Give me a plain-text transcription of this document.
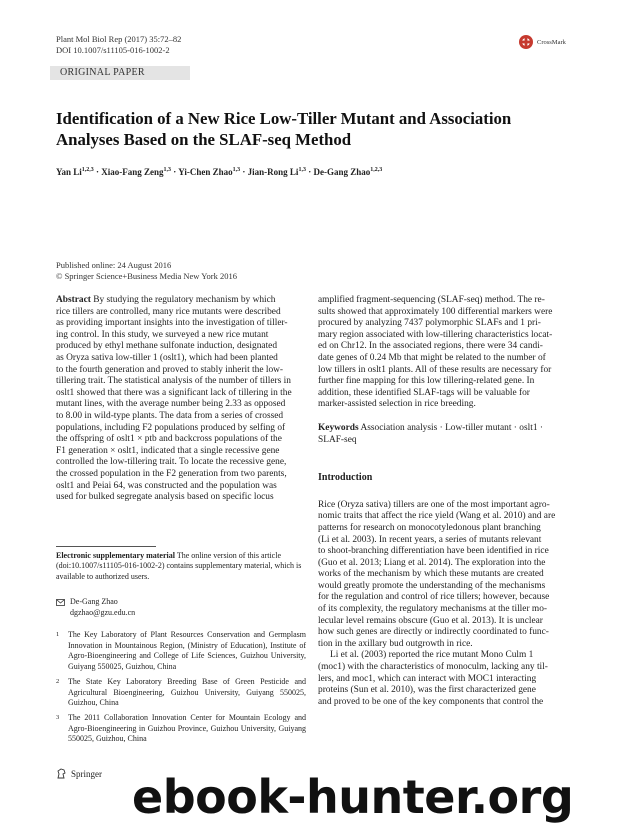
Plant Mol Biol Rep (2017) 35:72–82
DOI 10.1007/s11105-016-1002-2
CrossMark
ORIGINAL PAPER
Identification of a New Rice Low-Tiller Mutant and Association
Analyses Based on the SLAF-seq Method
Yan Li$^{1,2,3}$ · Xiao-Fang Zeng$^{1,3}$ · Yi-Chen Zhao$^{1,3}$ · Jian-Rong Li$^{1,3}$ · De-Gang Zhao$^{1,2,3}$
Published online: 24 August 2016
© Springer Science+Business Media New York 2016
Abstract By studying the regulatory mechanism by which
rice tillers are controlled, many rice mutants were described
as providing important insights into the investigation of tiller-
ing control. In this study, we surveyed a new rice mutant
produced by ethyl methane sulfonate induction, designated
as Oryza sativa low-tiller 1 (oslt1), which had been planted
to the fourth generation and proved to stably inherit the low-
tillering trait. The statistical analysis of the number of tillers in
oslt1 showed that there was a significant lack of tillering in the
mutant lines, with the average number being 2.33 as opposed
to 8.00 in wild-type plants. The data from a series of crossed
populations, including F2 populations produced by selfing of
the offspring of oslt1 × ptb and backcross populations of the
F1 generation × oslt1, indicated that a single recessive gene
controlled the low-tillering trait. To locate the recessive gene,
the crossed population in the F2 generation from two parents,
oslt1 and Peiai 64, was constructed and the population was
used for bulked segregate analysis based on specific locus
amplified fragment-sequencing (SLAF-seq) method. The re-
sults showed that approximately 100 differential markers were
procured by analyzing 7437 polymorphic SLAFs and 1 pri-
mary region associated with low-tillering characteristics locat-
ed on Chr12. In the associated regions, there were 34 candi-
date genes of 0.24 Mb that might be related to the number of
low tillers in oslt1 plants. All of these results are necessary for
further fine mapping for this low tillering-related gene. In
addition, these identified SLAF-tags will be valuable for
marker-assisted selection in rice breeding.
Keywords Association analysis · Low-tiller mutant · oslt1 ·
SLAF-seq
Introduction
Rice (Oryza sativa) tillers are one of the most important agro-
nomic traits that affect the rice yield (Wang et al. 2010) and are
patterns for research on monocotyledonous plant branching
(Li et al. 2003). In recent years, a series of mutants relevant
to shoot-branching differentiation have been identified in rice
(Guo et al. 2013; Liang et al. 2014). The exploration into the
works of the mechanism by which these mutants are created
would greatly promote the understanding of the mechanisms
for the regulation and control of rice tillers; however, because
of its complexity, the regulatory mechanisms at the tiller mo-
lecular level remains obscure (Guo et al. 2013). It is unclear
how such genes are directly or indirectly coordinated to func-
tion in the axillary bud outgrowth in rice.
Li et al. (2003) reported the rice mutant Mono Culm 1
(moc1) with the characteristics of monoculm, lacking any til-
lers, and moc1, which can interact with MOC1 interacting
proteins (Sun et al. 2010), was the first characterized gene
and proved to be one of the key components that control the
Electronic supplementary material The online version of this article (doi:10.1007/s11105-016-1002-2) contains supplementary material, which is available to authorized users.
De-Gang Zhao
dgzhao@gzu.edu.cn
1 The Key Laboratory of Plant Resources Conservation and Germplasm Innovation in Mountainous Region, (Ministry of Education), Institute of Agro-Bioengineering and College of Life Sciences, Guizhou University, Guiyang 550025, Guizhou, China
2 The State Key Laboratory Breeding Base of Green Pesticide and Agricultural Bioengineering, Guizhou University, Guiyang 550025, Guizhou, China
3 The 2011 Collaboration Innovation Center for Mountain Ecology and Agro-Bioengineering in Guizhou Province, Guizhou University, Guiyang 550025, Guizhou, China
Springer ebook-hunter.org
